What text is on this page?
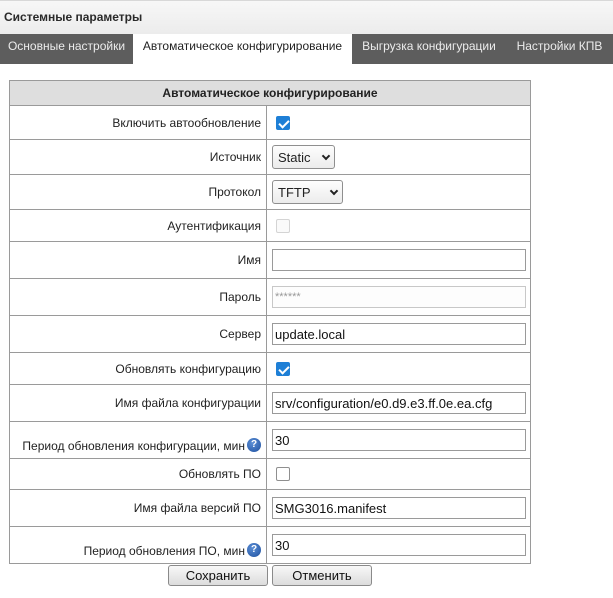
Системные параметры
Основные настройки	Автоматическое конфигурирование	Выгрузка конфигурации	Настройки КПВ
Автоматическое конфигурирование	
Включить автообновление	
Источник	Static

Протокол	TFTP

Аутентификация	
Имя	
Пароль	******
Сервер	update.local
Обновлять конфигурацию	
Имя файла конфигурации	srv/configuration/e0.d9.e3.ff.0e.ea.cfg
Период обновления конфигурации, мин ?	30
Обновлять ПО	
Имя файла версий ПО	SMG3016.manifest
Период обновления ПО, мин ?	30
Сохранить	Отменить
